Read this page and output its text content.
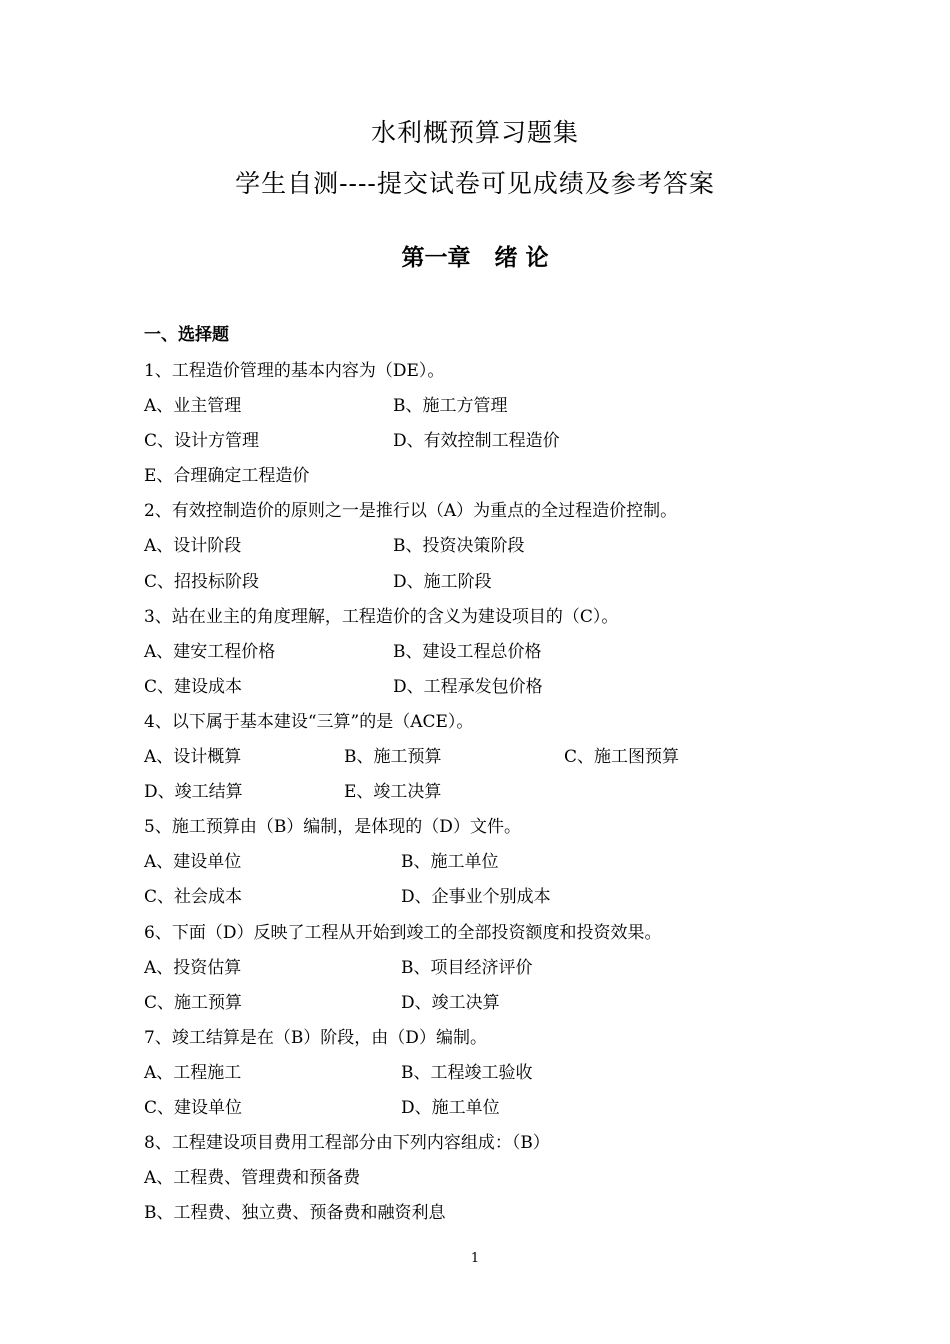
水利概预算习题集
学生自测----提交试卷可见成绩及参考答案
第一章   绪 论
一、选择题
1、工程造价管理的基本内容为（DE）。
A、业主管理	B、施工方管理
C、设计方管理	D、有效控制工程造价
E、合理确定工程造价
2、有效控制造价的原则之一是推行以（A）为重点的全过程造价控制。
A、设计阶段	B、投资决策阶段
C、招投标阶段	D、施工阶段
3、站在业主的角度理解，工程造价的含义为建设项目的（C）。
A、建安工程价格	B、建设工程总价格
C、建设成本	D、工程承发包价格
4、以下属于基本建设“三算”的是（ACE）。
A、设计概算	B、施工预算	C、施工图预算
D、竣工结算	E、竣工决算
5、施工预算由（B）编制，是体现的（D）文件。
A、建设单位	B、施工单位
C、社会成本	D、企事业个别成本
6、下面（D）反映了工程从开始到竣工的全部投资额度和投资效果。
A、投资估算	B、项目经济评价
C、施工预算	D、竣工决算
7、竣工结算是在（B）阶段，由（D）编制。
A、工程施工	B、工程竣工验收
C、建设单位	D、施工单位
8、工程建设项目费用工程部分由下列内容组成：（B）
A、工程费、管理费和预备费
B、工程费、独立费、预备费和融资利息
1
